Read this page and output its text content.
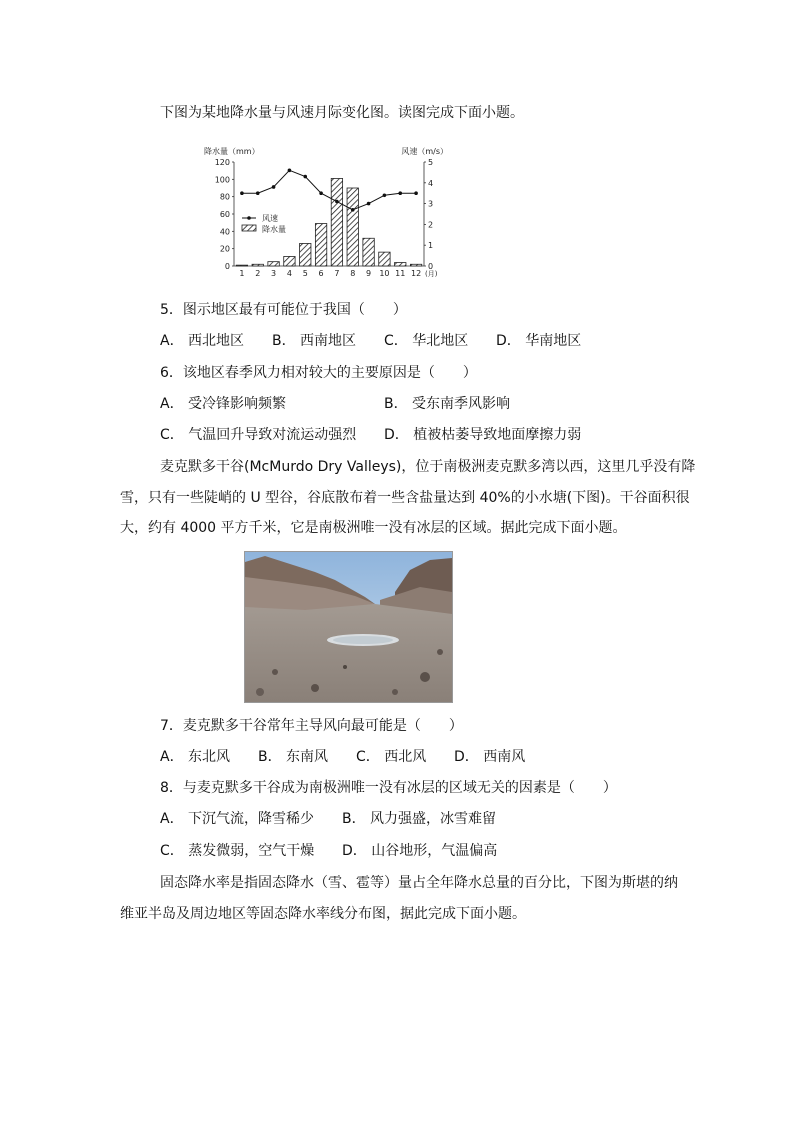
下图为某地降水量与风速月际变化图。读图完成下面小题。
降水量（mm）	风速（m/s）
0
20
40
60
80
100
120
0
1
2
3
4
5
1 2 3 4 5 6 7 8 9 10 11 12 (月)
风速
降水量
5．图示地区最有可能位于我国（　　）
A． 西北地区 B． 西南地区 C． 华北地区 D． 华南地区
6．该地区春季风力相对较大的主要原因是（　　）
A． 受冷锋影响频繁	B． 受东南季风影响
C． 气温回升导致对流运动强烈 D． 植被枯萎导致地面摩擦力弱
麦克默多干谷(McMurdo Dry Valleys)，位于南极洲麦克默多湾以西，这里几乎没有降
雪，只有一些陡峭的 U 型谷，谷底散布着一些含盐量达到 40%的小水塘(下图)。干谷面积很
大，约有 4000 平方千米，它是南极洲唯一没有冰层的区域。据此完成下面小题。
7．麦克默多干谷常年主导风向最可能是（　　）
A． 东北风 B． 东南风 C． 西北风 D． 西南风
8．与麦克默多干谷成为南极洲唯一没有冰层的区域无关的因素是（　　）
A． 下沉气流，降雪稀少 B． 风力强盛，冰雪难留
C． 蒸发微弱，空气干燥 D． 山谷地形，气温偏高
固态降水率是指固态降水（雪、雹等）量占全年降水总量的百分比，下图为斯堪的纳
维亚半岛及周边地区等固态降水率线分布图，据此完成下面小题。
